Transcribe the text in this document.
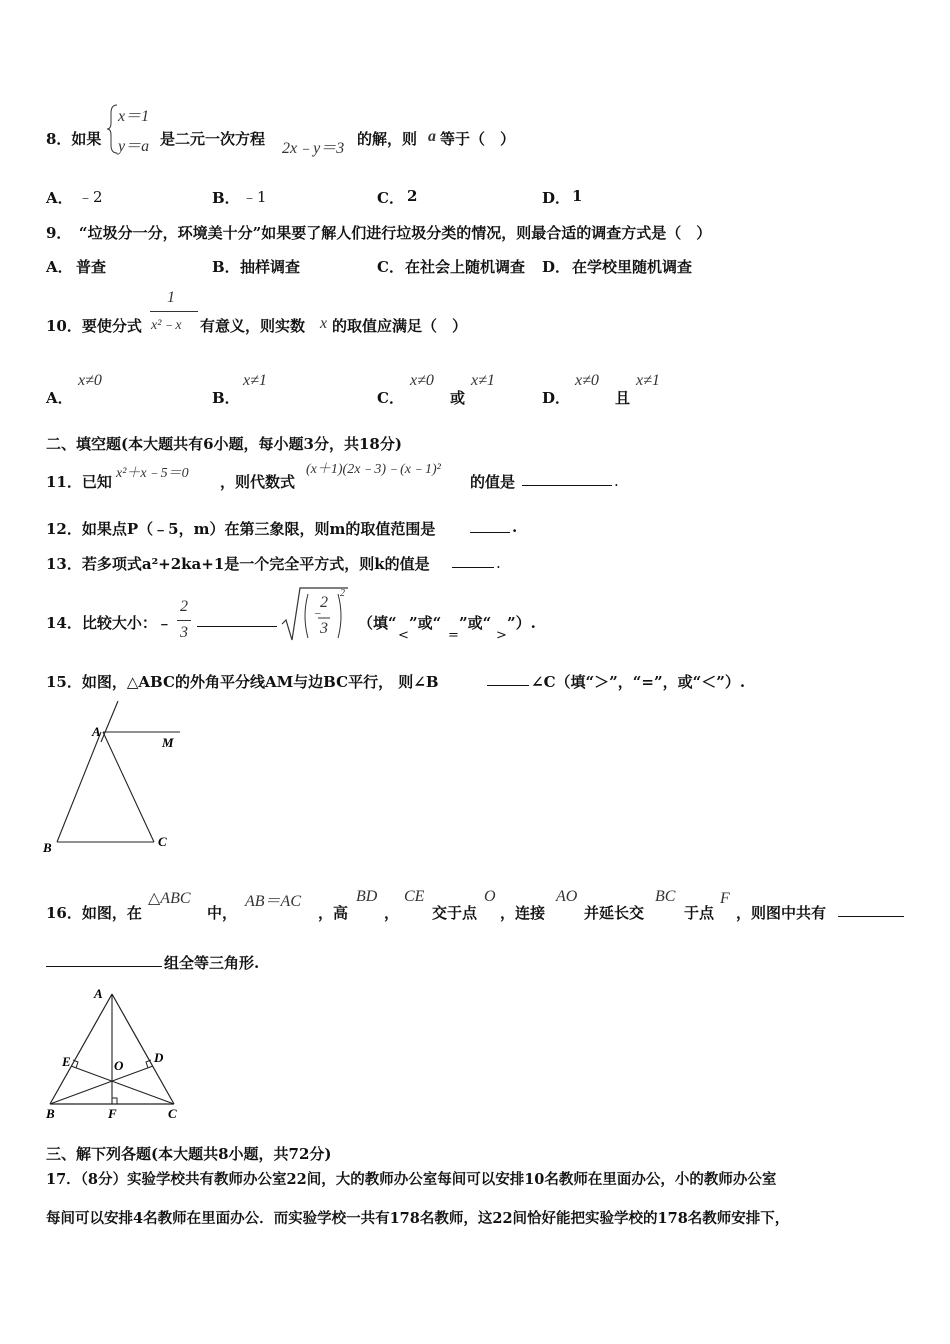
8．如果
x＝1
y＝a 是二元一次方程
2x﹣y＝3
的解，则 a 等于（　）
A． ﹣2	B． ﹣1	C． 2	D． 1
9．　“垃圾分一分，环境美十分”如果要了解人们进行垃圾分类的情况，则最合适的调查方式是（　）
A． 普查	B． 抽样调查	C． 在社会上随机调查 D． 在学校里随机调查
10．要使分式
1
x²﹣x 有意义，则实数 x 的取值应满足（　）
A．
x≠0
B．
x≠1
C．
x≠0
或
x≠1
D．
x≠0
且
x≠1
二、填空题(本大题共有6小题，每小题3分，共18分)
11．已知 x²＋x﹣5＝0 ，则代数式
(x＋1)(2x﹣3)﹣(x﹣1)²
的值是	.
12．如果点P（﹣5，m）在第三象限，则m的取值范围是	.
13．若多项式a²+2ka+1是一个完全平方式，则k的值是	.
14．比较大小：﹣
2
3
﹣
2
3
2
（填“
<
”或“
=
”或“
>
”）.
15．如图，△ABC的外角平分线AM与边BC平行， 则∠B	∠C（填“＞”，“=”，或“＜”）.
A
M
B	C
16．如图，在
△ABC
中，
AB＝AC
，高
BD
，
CE
交于点
O
，连接
AO
并延长交
BC
于点
F
，则图中共有
组全等三角形.
A
E	D
O
B	F	C
三、解下列各题(本大题共8小题，共72分)
17．（8分）实验学校共有教师办公室22间，大的教师办公室每间可以安排10名教师在里面办公，小的教师办公室
每间可以安排4名教师在里面办公．而实验学校一共有178名教师，这22间恰好能把实验学校的178名教师安排下，
